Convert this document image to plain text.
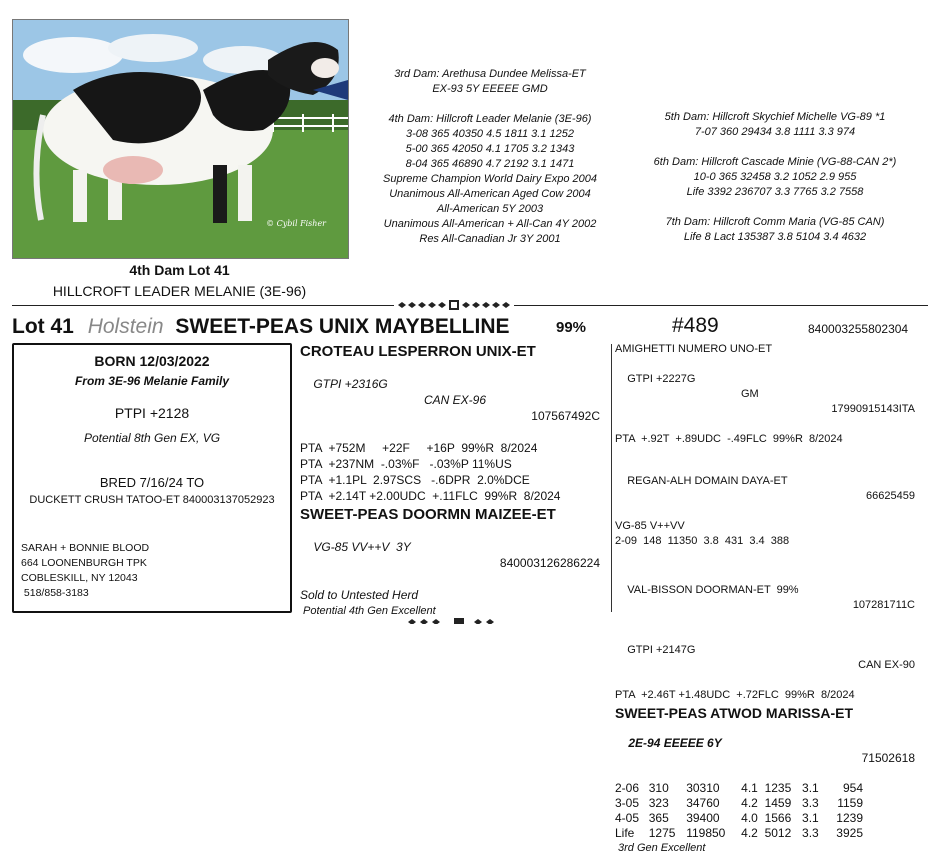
© Cybil Fisher
4th Dam Lot 41
HILLCROFT LEADER MELANIE (3E-96)
3rd Dam: Arethusa Dundee Melissa-ET
EX-93 5Y EEEEE GMD
4th Dam: Hillcroft Leader Melanie (3E-96)
3-08 365 40350 4.5 1811 3.1 1252
5-00 365 42050 4.1 1705 3.2 1343
8-04 365 46890 4.7 2192 3.1 1471
Supreme Champion World Dairy Expo 2004
Unanimous All-American Aged Cow 2004
All-American 5Y 2003
Unanimous All-American + All-Can 4Y 2002
Res All-Canadian Jr 3Y 2001
5th Dam: Hillcroft Skychief Michelle VG-89 *1
7-07 360 29434 3.8 1111 3.3 974
6th Dam: Hillcroft Cascade Minie (VG-88-CAN 2*)
10-0 365 32458 3.2 1052 2.9 955
Life 3392 236707 3.3 7765 3.2 7558
7th Dam: Hillcroft Comm Maria (VG-85 CAN)
Life 8 Lact 135387 3.8 5104 3.4 4632
Lot 41 Holstein SWEET-PEAS UNIX MAYBELLINE	99%	#489	840003255802304
BORN 12/03/2022
From 3E-96 Melanie Family
PTPI +2128
Potential 8th Gen EX, VG
BRED 7/16/24 TO
DUCKETT CRUSH TATOO-ET 840003137052923
SARAH + BONNIE BLOOD
664 LOONENBURGH TPK
COBLESKILL, NY 12043
518/858-3183
CROTEAU LESPERRON UNIX-ET

GTPI +2316G

CAN EX-96

107567492C

PTA  +752M     +22F     +16P  99%R  8/2024
PTA  +237NM  -.03%F   -.03%P 11%US
PTA  +1.1PL  2.97SCS   -.6DPR  2.0%DCE
PTA  +2.14T +2.00UDC  +.11FLC  99%R  8/2024
SWEET-PEAS DOORMN MAIZEE-ET

VG-85 VV++V  3Y

840003126286224

Sold to Untested Herd
Potential 4th Gen Excellent
AMIGHETTI NUMERO UNO-ET

GTPI +2227G

GM

17990915143ITA

PTA  +.92T  +.89UDC  -.49FLC  99%R  8/2024

REGAN-ALH DOMAIN DAYA-ET

66625459

VG-85 V++VV
2-09  148  11350  3.8  431  3.4  388

VAL-BISSON DOORMAN-ET  99%

107281711C

GTPI +2147G

CAN EX-90

PTA  +2.46T +1.48UDC  +.72FLC  99%R  8/2024
SWEET-PEAS ATWOD MARISSA-ET

2E-94 EEEEE 6Y

71502618

2-06	310	30310	4.1	1235	3.1	954
3-05	323	34760	4.2	1459	3.3	1159
4-05	365	39400	4.0	1566	3.1	1239
Life	1275	119850	4.2	5012	3.3	3925
3rd Gen Excellent
